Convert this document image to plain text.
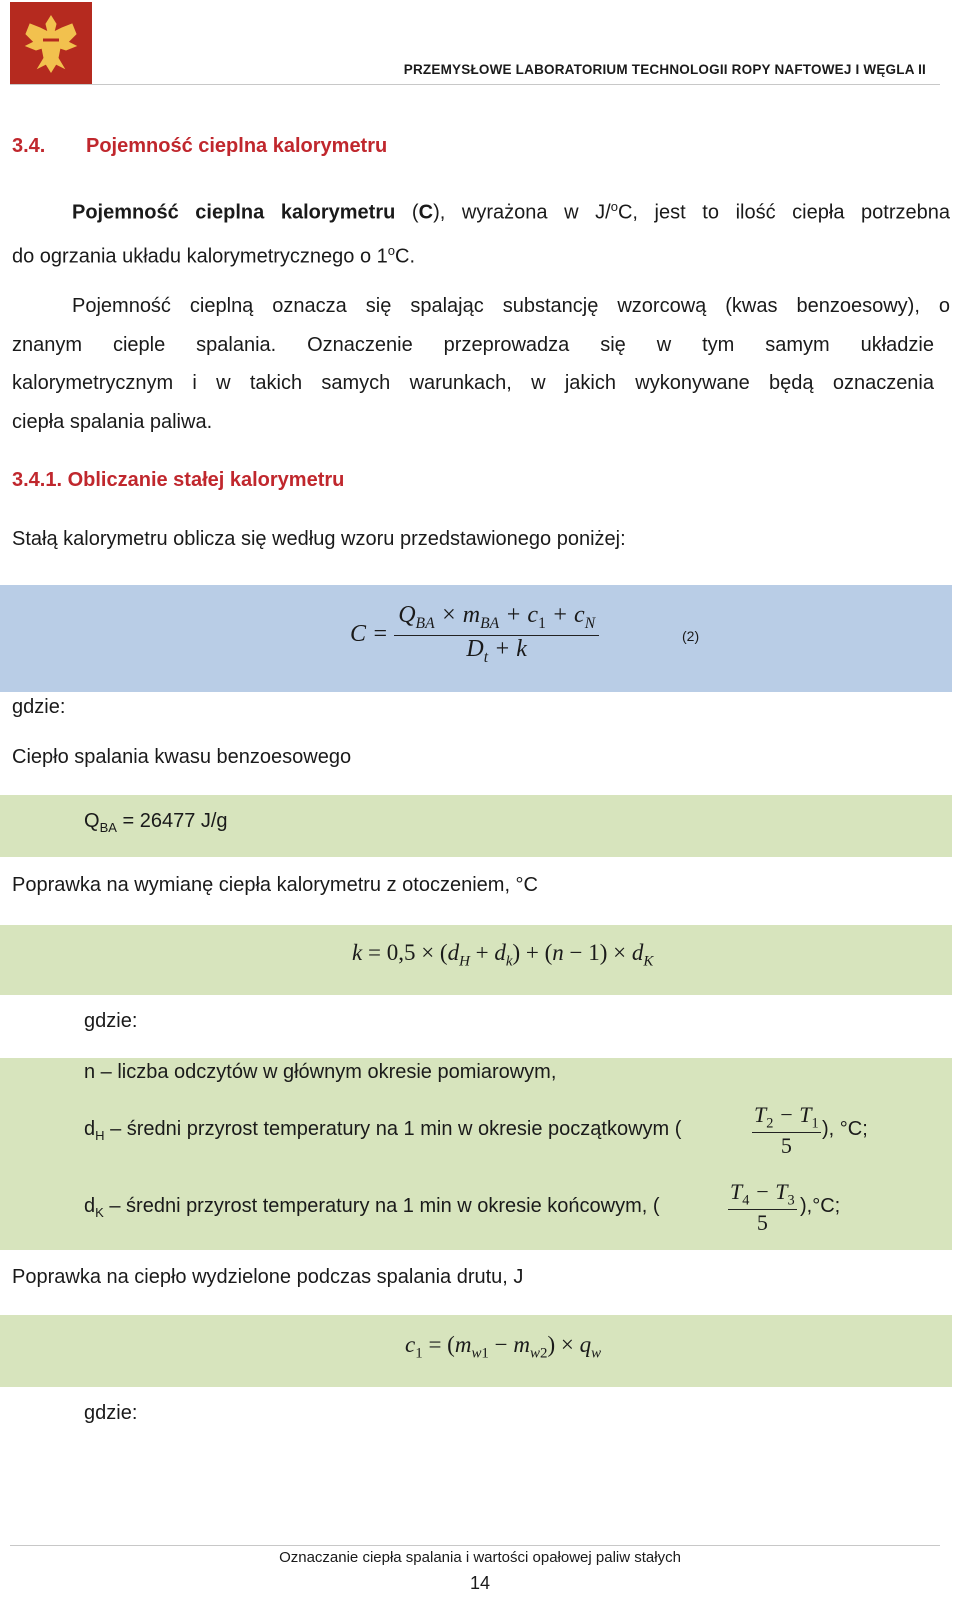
PRZEMYSŁOWE LABORATORIUM TECHNOLOGII ROPY NAFTOWEJ I WĘGLA II
3.4. Pojemność cieplna kalorymetru
Pojemność cieplna kalorymetru (C), wyrażona w J/$^o$C, jest to ilość ciepła potrzebna
do ogrzania układu kalorymetrycznego o 1$^o$C.
Pojemność cieplną oznacza się spalając substancję wzorcową (kwas benzoesowy), o
znanym cieple spalania. Oznaczenie przeprowadza się w tym samym układzie
kalorymetrycznym i w takich samych warunkach, w jakich wykonywane będą oznaczenia
ciepła spalania paliwa.
3.4.1. Obliczanie stałej kalorymetru
Stałą kalorymetru oblicza się według wzoru przedstawionego poniżej:
$C = \frac{Q_{BA} \times m_{BA} + c_1 + c_N}{D_t + k}$	(2)
gdzie:
Ciepło spalania kwasu benzoesowego
$Q_{BA} = 26477$ J/g
Poprawka na wymianę ciepła kalorymetru z otoczeniem, °C
$k = 0,5 \times (d_H + d_k) + (n - 1) \times d_K$
gdzie:
n – liczba odczytów w głównym okresie pomiarowym,
$d_H$ – średni przyrost temperatury na 1 min w okresie początkowym (	$\frac{T_2 - T_1}{5}$ ), °C;
$d_K$ – średni przyrost temperatury na 1 min w okresie końcowym, (	$\frac{T_4 - T_3}{5} ),^\circ C$;
Poprawka na ciepło wydzielone podczas spalania drutu, J
$c_1 = (m_{w1} - m_{w2}) \times q_w$
gdzie:
Oznaczanie ciepła spalania i wartości opałowej paliw stałych
14
